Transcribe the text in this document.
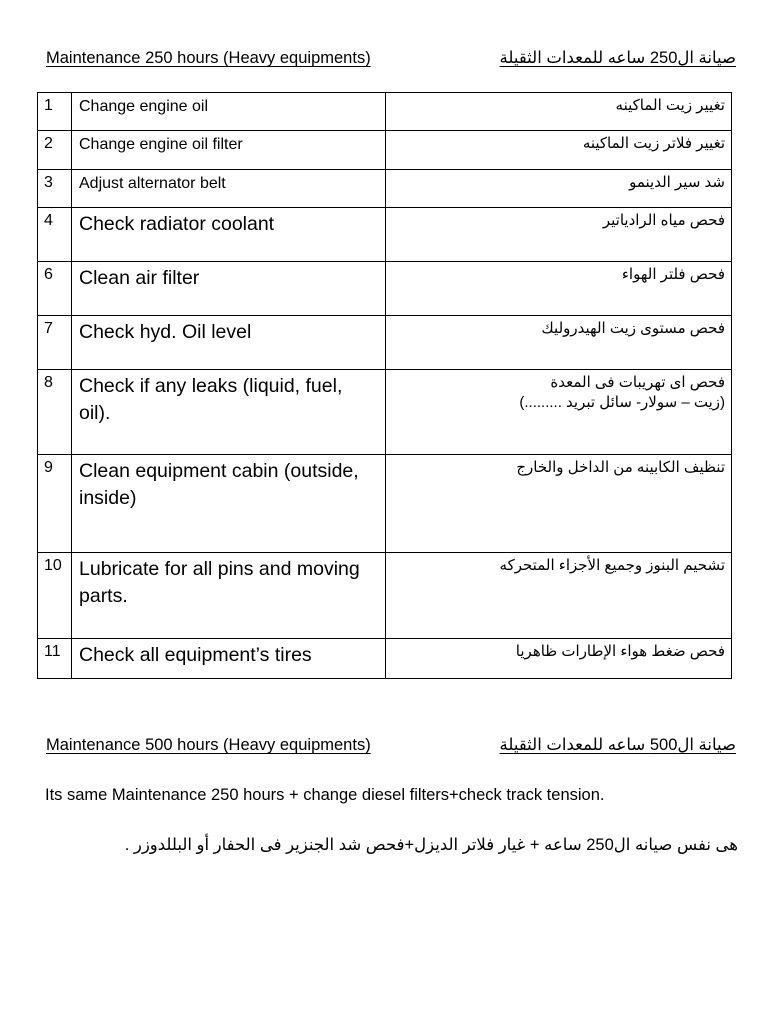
Maintenance 250 hours (Heavy equipments)	صيانة ال250 ساعه للمعدات الثقيلة
1	Change engine oil	تغيير زيت الماكينه

2	Change engine oil filter	تغيير فلاتر زيت الماكينه

3	Adjust alternator belt	شد سير الدينمو

4	Check radiator coolant	فحص مياه الرادياتير

6	Clean air filter	فحص فلتر الهواء

7	Check hyd. Oil level	فحص مستوى زيت الهيدروليك

8	Check if any leaks (liquid, fuel, oil).	فحص اى تهريبات فى المعدة
(زيت – سولار- سائل تبريد .........)

9	Clean equipment cabin (outside, inside)	تنظيف الكابينه من الداخل والخارج

10	Lubricate for all pins and moving parts.	تشحيم البنوز وجميع الأجزاء المتحركه

11	Check all equipment’s tires	فحص ضغط هواء الإطارات ظاهريا
Maintenance 500 hours (Heavy equipments)	صيانة ال500 ساعه للمعدات الثقيلة
Its same Maintenance 250 hours + change diesel filters+check track tension.
هى نفس صيانه ال250 ساعه + غيار فلاتر الديزل+فحص شد الجنزير فى الحفار أو البللدوزر .
